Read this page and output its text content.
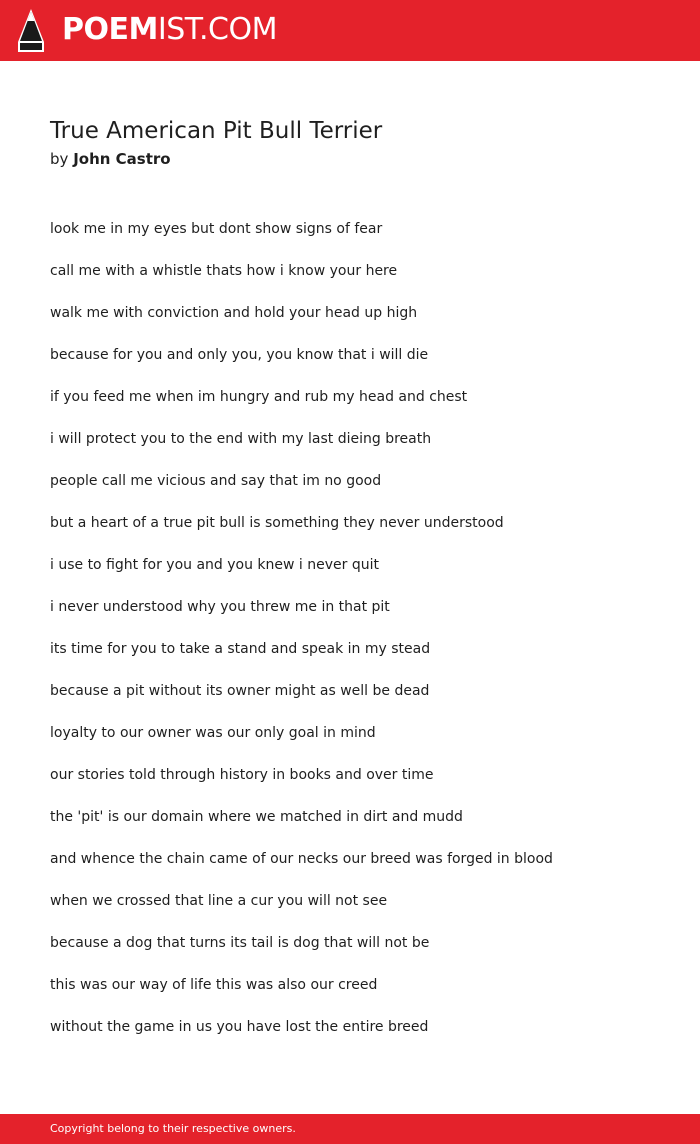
POEMIST.COM
True American Pit Bull Terrier
by John Castro
look me in my eyes but dont show signs of fear
call me with a whistle thats how i know your here
walk me with conviction and hold your head up high
because for you and only you, you know that i will die
if you feed me when im hungry and rub my head and chest
i will protect you to the end with my last dieing breath
people call me vicious and say that im no good
but a heart of a true pit bull is something they never understood
i use to fight for you and you knew i never quit
i never understood why you threw me in that pit
its time for you to take a stand and speak in my stead
because a pit without its owner might as well be dead
loyalty to our owner was our only goal in mind
our stories told through history in books and over time
the 'pit' is our domain where we matched in dirt and mudd
and whence the chain came of our necks our breed was forged in blood
when we crossed that line a cur you will not see
because a dog that turns its tail is dog that will not be
this was our way of life this was also our creed
without the game in us you have lost the entire breed
Copyright belong to their respective owners.
